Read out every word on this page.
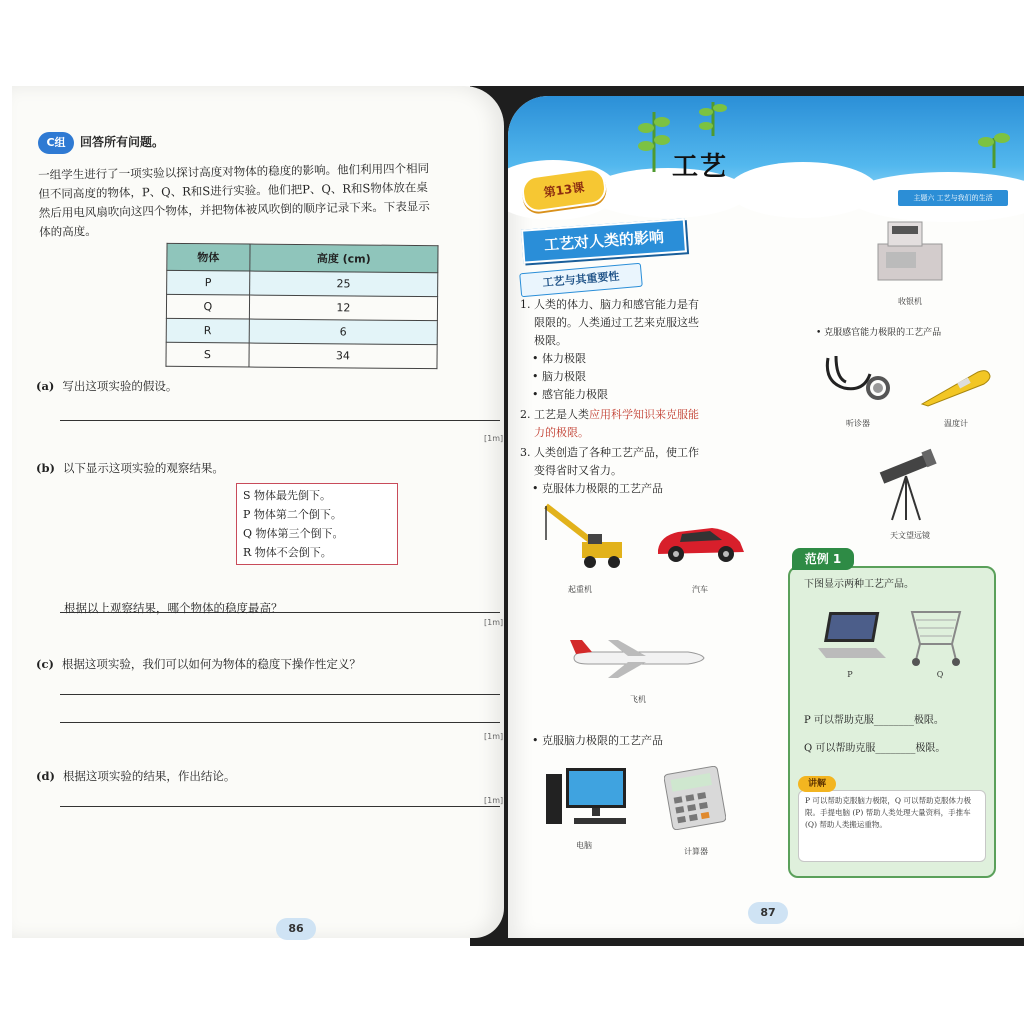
C组	回答所有问题。
一组学生进行了一项实验以探讨高度对物体的稳度的影响。他们利用四个相同
但不同高度的物体，P、Q、R和S进行实验。他们把P、Q、R和S物体放在桌
然后用电风扇吹向这四个物体，并把物体被风吹倒的顺序记录下来。下表显示
体的高度。
物体	高度 (cm)
P	25
Q	12
R	6
S	34
(a) 写出这项实验的假设。
[1m]
(b) 以下显示这项实验的观察结果。
S 物体最先倒下。
P 物体第二个倒下。
Q 物体第三个倒下。
R 物体不会倒下。
根据以上观察结果，哪个物体的稳度最高？
[1m]
(c) 根据这项实验，我们可以如何为物体的稳度下操作性定义？
[1m]
(d) 根据这项实验的结果，作出结论。
[1m]
86
第13课
工艺
主题六 工艺与我们的生活
工艺对人类的影响
工艺与其重要性
1. 人类的体力、脑力和感官能力是有
限限的。人类通过工艺来克服这些
极限。
• 体力极限
• 脑力极限
• 感官能力极限
2. 工艺是人类应用科学知识来克服能
力的极限。
3. 人类创造了各种工艺产品，使工作
变得省时又省力。
• 克服体力极限的工艺产品
起重机	汽车
飞机
• 克服脑力极限的工艺产品
电脑
计算器
收银机
• 克服感官能力极限的工艺产品
听诊器	温度计
天文望远镜
范例 1
下图显示两种工艺产品。
P	Q
P 可以帮助克服________极限。
Q 可以帮助克服________极限。
P 可以帮助克服脑力极限，Q 可以帮助克服体力极限。手提电脑 (P) 帮助人类处理大量资料，手推车 (Q) 帮助人类搬运重物。
讲解
87
